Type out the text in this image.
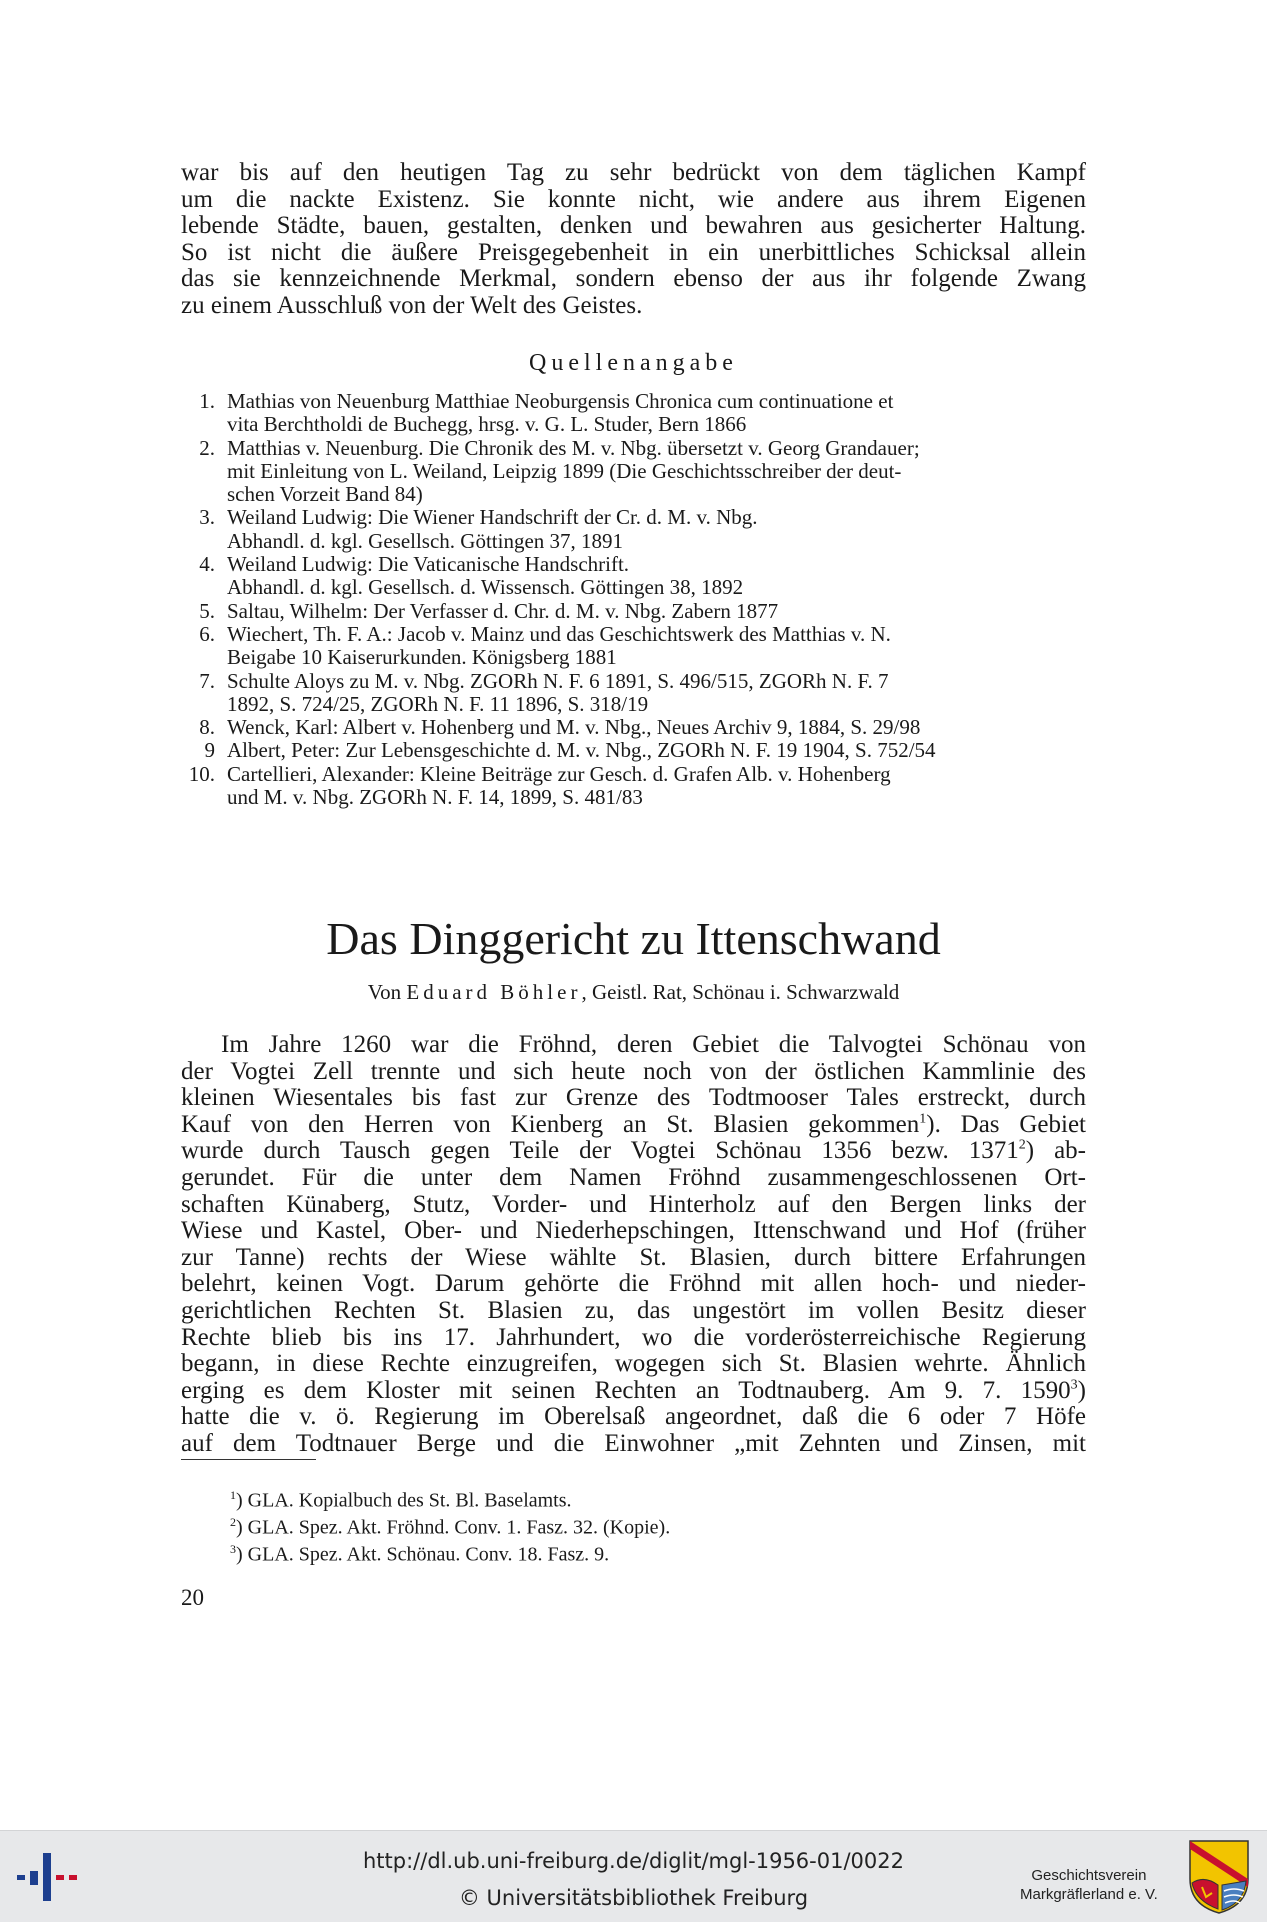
war bis auf den heutigen Tag zu sehr bedrückt von dem täglichen Kampf
um die nackte Existenz. Sie konnte nicht, wie andere aus ihrem Eigenen
lebende Städte, bauen, gestalten, denken und bewahren aus gesicherter Haltung.
So ist nicht die äußere Preisgegebenheit in ein unerbittliches Schicksal allein
das sie kennzeichnende Merkmal, sondern ebenso der aus ihr folgende Zwang
zu einem Ausschluß von der Welt des Geistes.

Quellenangabe
1. Mathias von Neuenburg Matthiae Neoburgensis Chronica cum continuatione et
vita Berchtholdi de Buchegg, hrsg. v. G. L. Studer, Bern 1866
2. Matthias v. Neuenburg. Die Chronik des M. v. Nbg. übersetzt v. Georg Grandauer;
mit Einleitung von L. Weiland, Leipzig 1899 (Die Geschichtsschreiber der deut-
schen Vorzeit Band 84)
3. Weiland Ludwig: Die Wiener Handschrift der Cr. d. M. v. Nbg.
Abhandl. d. kgl. Gesellsch. Göttingen 37, 1891
4. Weiland Ludwig: Die Vaticanische Handschrift.
Abhandl. d. kgl. Gesellsch. d. Wissensch. Göttingen 38, 1892
5. Saltau, Wilhelm: Der Verfasser d. Chr. d. M. v. Nbg. Zabern 1877
6. Wiechert, Th. F. A.: Jacob v. Mainz und das Geschichtswerk des Matthias v. N.
Beigabe 10 Kaiserurkunden. Königsberg 1881
7. Schulte Aloys zu M. v. Nbg. ZGORh N. F. 6 1891, S. 496/515, ZGORh N. F. 7
1892, S. 724/25, ZGORh N. F. 11 1896, S. 318/19
8. Wenck, Karl: Albert v. Hohenberg und M. v. Nbg., Neues Archiv 9, 1884, S. 29/98
9 Albert, Peter: Zur Lebensgeschichte d. M. v. Nbg., ZGORh N. F. 19 1904, S. 752/54
10. Cartellieri, Alexander: Kleine Beiträge zur Gesch. d. Grafen Alb. v. Hohenberg
und M. v. Nbg. ZGORh N. F. 14, 1899, S. 481/83
Das Dinggericht zu Ittenschwand
Von Eduard Böhler, Geistl. Rat, Schönau i. Schwarzwald

Im Jahre 1260 war die Fröhnd, deren Gebiet die Talvogtei Schönau von
der Vogtei Zell trennte und sich heute noch von der östlichen Kammlinie des
kleinen Wiesentales bis fast zur Grenze des Todtmooser Tales erstreckt, durch
Kauf von den Herren von Kienberg an St. Blasien gekommen$^1$). Das Gebiet
wurde durch Tausch gegen Teile der Vogtei Schönau 1356 bezw. 1371$^2$) ab-
gerundet. Für die unter dem Namen Fröhnd zusammengeschlossenen Ort-
schaften Künaberg, Stutz, Vorder- und Hinterholz auf den Bergen links der
Wiese und Kastel, Ober- und Niederhepschingen, Ittenschwand und Hof (früher
zur Tanne) rechts der Wiese wählte St. Blasien, durch bittere Erfahrungen
belehrt, keinen Vogt. Darum gehörte die Fröhnd mit allen hoch- und nieder-
gerichtlichen Rechten St. Blasien zu, das ungestört im vollen Besitz dieser
Rechte blieb bis ins 17. Jahrhundert, wo die vorderösterreichische Regierung
begann, in diese Rechte einzugreifen, wogegen sich St. Blasien wehrte. Ähnlich
erging es dem Kloster mit seinen Rechten an Todtnauberg. Am 9. 7. 1590$^3$)
hatte die v. ö. Regierung im Oberelsaß angeordnet, daß die 6 oder 7 Höfe
auf dem Todtnauer Berge und die Einwohner „mit Zehnten und Zinsen, mit

$^1$) GLA. Kopialbuch des St. Bl. Baselamts.
$^2$) GLA. Spez. Akt. Fröhnd. Conv. 1. Fasz. 32. (Kopie).
$^3$) GLA. Spez. Akt. Schönau. Conv. 18. Fasz. 9.
20
http://dl.ub.uni-freiburg.de/diglit/mgl-1956-01/0022
© Universitätsbibliothek Freiburg
Geschichtsverein
Markgräflerland e. V.
